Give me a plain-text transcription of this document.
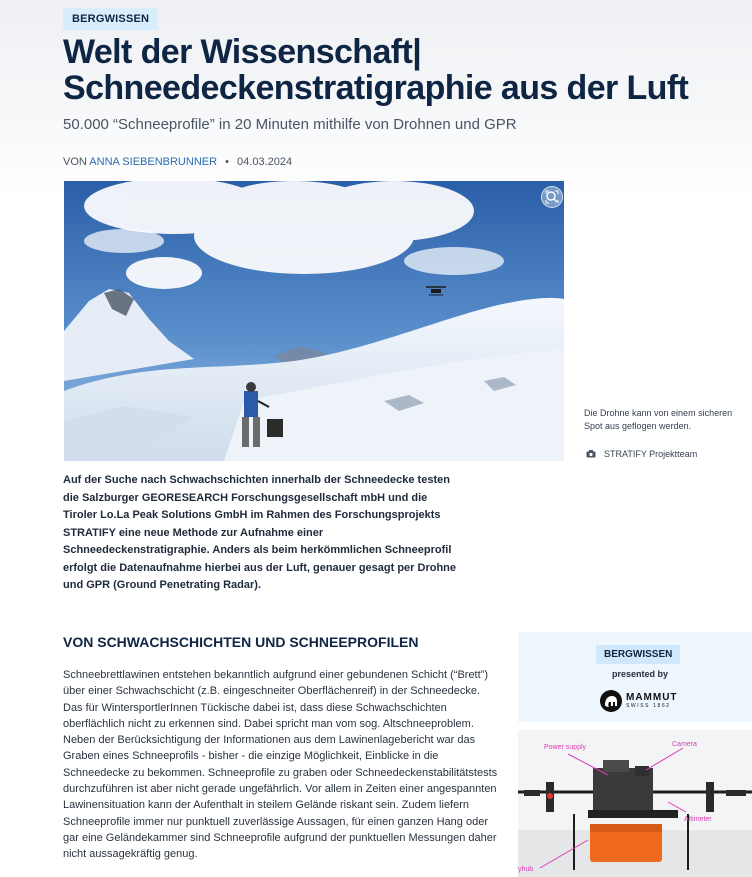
BERGWISSEN
Welt der Wissenschaft| Schneedeckenstratigraphie aus der Luft
50.000 “Schneeprofile” in 20 Minuten mithilfe von Drohnen und GPR
VON ANNA SIEBENBRUNNER • 04.03.2024
Die Drohne kann von einem sicheren Spot aus geflogen werden.
STRATIFY Projektteam

Auf der Suche nach Schwachschichten innerhalb der Schneedecke testen die Salzburger GEORESEARCH Forschungsgesellschaft mbH und die Tiroler Lo.La Peak Solutions GmbH im Rahmen des Forschungsprojekts STRATIFY eine neue Methode zur Aufnahme einer Schneedeckenstratigraphie. Anders als beim herkömmlichen Schneeprofil erfolgt die Datenaufnahme hierbei aus der Luft, genauer gesagt per Drohne und GPR (Ground Penetrating Radar).

VON SCHWACHSCHICHTEN UND SCHNEEPROFILEN

Schneebrettlawinen entstehen bekanntlich aufgrund einer gebundenen Schicht (“Brett”) über einer Schwachschicht (z.B. eingeschneiter Oberflächenreif) in der Schneedecke. Das für WintersportlerInnen Tückische dabei ist, dass diese Schwachschichten oberflächlich nicht zu erkennen sind. Dabei spricht man vom sog. Altschneeproblem. Neben der Berücksichtigung der Informationen aus dem Lawinenlagebericht war das Graben eines Schneeprofils - bisher - die einzige Möglichkeit, Einblicke in die Schneedecke zu bekommen. Schneeprofile zu graben oder Schneedeckenstabilitätstests durchzuführen ist aber nicht gerade ungefährlich. Vor allem in Zeiten einer angespannten Lawinensituation kann der Aufenthalt in steilem Gelände riskant sein. Zudem liefern Schneeprofile immer nur punktuell zuverlässige Aussagen, für einen ganzen Hang oder gar eine Geländekammer sind Schneeprofile aufgrund der punktuellen Messungen daher nicht aussagekräftig genug.

BERGWISSEN
presented by
MAMMUT
SWISS 1862
Power supply	Camera
Altimeter
yhub
